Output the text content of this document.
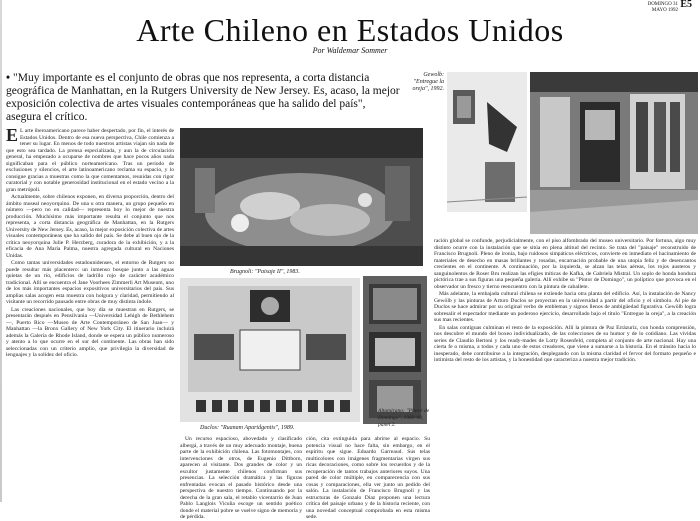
DOMINGO 31
MAYO 1992
E5
Arte Chileno en Estados Unidos
Por Waldemar Sommer
• "Muy importante es el conjunto de obras que nos representa, a corta distancia geográfica de Manhattan, en la Rutgers University de New Jersey. Es, acaso, la mejor exposición colectiva de artes visuales contemporáneas que ha salido del país", asegura el crítico.
Gewolb: "Entregue la oreja", 1992.

E L arte iberoamericano parece haber despertado, por fin, el interés de Estados Unidos. Dentro de esa nueva perspectiva, Chile comienza a tener su lugar. En menos de todo nuestros artistas viajan sin nada de que esto sea tardado. La prensa especializada, y aun la de circulación general, ha empezado a ocuparse de nombres que hace pocos años nada significaban para el público norteamericano. Tras un período de exclusiones y silencios, el arte latinoamericano reclama su espacio, y lo consigue gracias a muestras como la que comentamos, reunidas con rigor curatorial y con notable generosidad institucional en el estado vecino a la gran metrópoli.

Actualmente, sobre chilenos exponen, en diversa proporción, dentro del ámbito museal neoyorquino. De una u otra manera, un grupo pequeño en número —pero no en calidad— representa hoy lo mejor de nuestra producción. Muchísimo más importante resulta el conjunto que nos representa, a corta distancia geográfica de Manhattan, en la Rutgers University de New Jersey. Es, acaso, la mejor exposición colectiva de artes visuales contemporáneas que ha salido del país. Se debe al buen ojo de la crítica neoyorquina Julie P. Herzberg, curadora de la exhibición, y a la eficacia de Ana María Palma, nuestra agregada cultural en Naciones Unidas.

Como tantas universidades estadounidenses, el entorno de Rutgers no puede resultar más placentero: un inmenso bosque junto a las aguas quietas de un río, edificios de ladrillo rojo de carácter académico tradicional. Allí se encuentra el Jane Voorhees Zimmerli Art Museum, uno de los más importantes espacios expositivos universitarios del país. Sus amplias salas acogen esta muestra con holgura y claridad, permitiendo al visitante un recorrido pausado entre obras de muy distinta índole.

Las creaciones nacionales, que hoy día se muestran en Rutgers, se presentarán después en Pensilvania —Universidad Lehigh de Bethlehem—, Puerto Rico —Museo de Arte Contemporáneo de San Juan— y Manhattan —la Bronx Gallery of New York City. El itinerario incluirá además la Galería de Rhode Island, donde se espera un público numeroso y atento a lo que ocurre en el sur del continente. Las obras han sido seleccionadas con un criterio amplio, que privilegia la diversidad de lenguajes y la solidez del oficio.

Brugnoli: "Paisaje II", 1983.
Duclos: "Ruanam Aparidgentis", 1989.
Altamirano: "Pintor de Domingo", 1989-90, panel 2.

Un recurso espacioso, abovedado y clasificado albergá, a través de un muy adecuado montaje, buena parte de la exhibición chilena. Las fotomontajes, con intervenciones de otros, de Eugenio Dittborn, aparecen al visitante. Dos grandes de color y un escultor justamente chilenos confirman sus presencias. La selección dramática y las figuras enfrentadas evocan el pasado histórico desde una perspectiva de nuestro tiempo. Continuando por la derecha de la gran sala, el retablo vicentarrio de Juan Pablo Langlois Vicuña escoge un sentido poético donde el material pobre se vuelve signo de memoria y de pérdida.

ción, cita extinguida para abrirse al espacio. Su potencia visual no hace falta, sin embargo, en el espíritu que sigue. Eduardo Garreaud. Sus telas multicolores con imágenes fragmentarias virgen sus ricas decoraciones, como sobre los recuerdos y de la recuperación de tantos trabajos anteriores suyos. Una pared de color múltiple, en comparecencia con sus cosas y comparaciones, ella ver junto un pedido del salón. La instalación de Francisco Brugnoli y las estructuras de Gonzalo Díaz proponen una lectura crítica del paisaje urbano y de la historia reciente, con una novedad conceptual comprobada en esta misma sede.

ración global se confunde, perjudicialmente, con el piso alfombrado del museo universitario. Por fortuna, algo muy distinto ocurre con la instalación que se sitúa en plena altitud del recinto. Se trata del "paisaje" reconstruido de Francisco Brugnoli. Pleno de ironía, bajo ruidosos simpáticos eléctricos, convierte en inmediato el hacinamiento de materiales de desecho en masas brillantes y rosadas, encarnación probable de una utopía feliz y de desencantos crecientes en el continente. A continuación, por la izquierda, se alzan las telas aéreas, los rojos austeros y sanguinolentos de Roser Bru realizan las efigies míticas de Kafka, de Gabriela Mistral. Un soplo de honda hondura pictórica trae a sus figuras una pequeña galería. Allí exhibe su "Pintor de Domingo", un políptico que provoca en el observador un fresco y tierno reencuentro con la pintura de caballete.

Más adelante, la embajada cultural chilena se extiende hacia otra planta del edificio. Así, la instalación de Nancy Gewölb y las pinturas de Arturo Duclos se proyectan en la universidad a partir del oficio y el símbolo. Al pie de Duclos se hace admirar por su original verbo de emblemas y signos llenos de ambigüedad figurativa. Gewölb logra sobresalir el espectador mediante un poderoso ejercicio, desarrollado bajo el título "Entregue la oreja", a la creación sus mas recientes.

En salas contiguas culminan el resto de la exposición. Allí la pintura de Paz Errázuriz, con honda comprensión, nos descubre el mundo del boxeo individualizado, de las colecciones de su humor y de lo cotidiano. Las vívidas series de Claudio Bertoni y los ready-mades de Lotty Rosenfeld, completa al conjunto de arte nacional. Hay una cierta fe o misma, a todos y cada uno de estos creadores, que viene a sumarse a la historia. En el tránsito hacia lo inesperado, debe contribuirse a la integración, desplegando con la misma claridad el fervor del formato pequeño e intimista del resto de los artistas, y la honestidad que caracteriza a nuestra mejor tradición.
